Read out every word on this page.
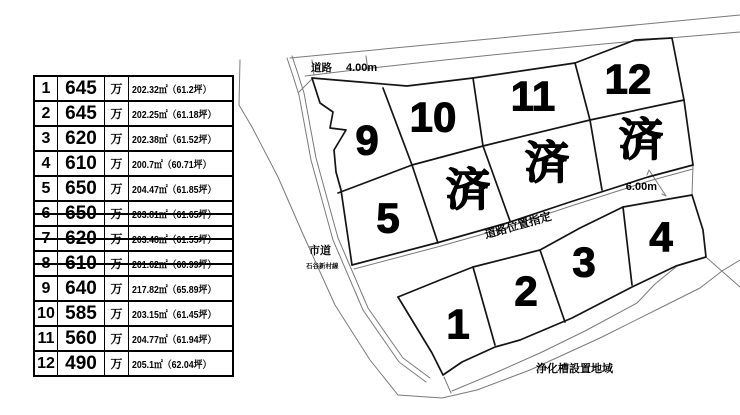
1 645	万 202.32㎡（61.2坪）
2 645	万 202.25㎡（61.18坪）
3 620	万 202.38㎡（61.52坪）
4 610	万 200.7㎡（60.71坪）
5 650	万 204.47㎡（61.85坪）
6 650	万 203.81㎡（61.65坪）
7 620	万 203.48㎡（61.55坪）
8 610	万 201.62㎡（60.99坪）
9 640	万 217.82㎡（65.89坪）
10 585	万 203.15㎡（61.45坪）
11 560	万 204.77㎡（61.94坪）
12 490	万 205.1㎡（62.04坪）
9 10 11 12
5
済
済 済
1
2
3
4
道路 4.00m
道路位置指定
6.00m
市道
石谷新村線
浄化槽設置地域
